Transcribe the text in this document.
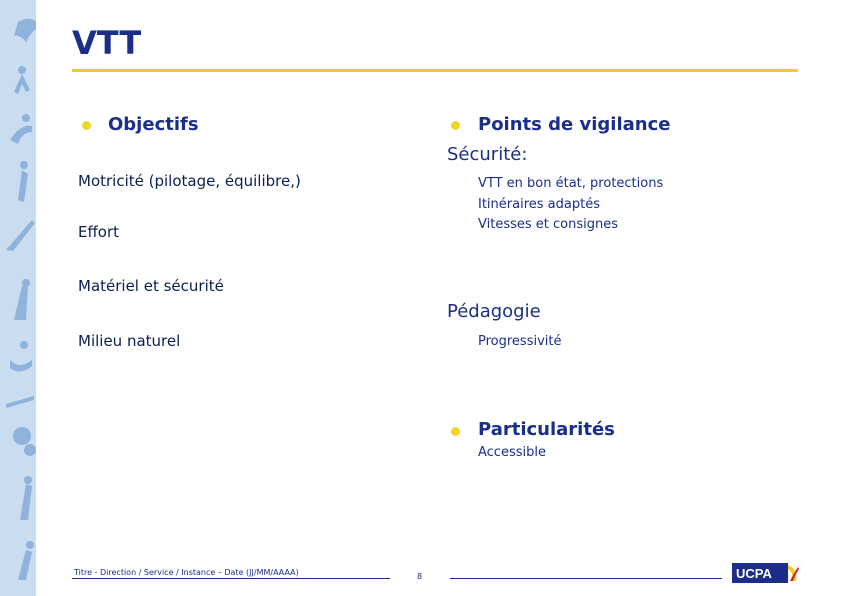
VTT
Objectifs
Motricité (pilotage, équilibre,)
Effort
Matériel et sécurité
Milieu naturel
Points de vigilance
Sécurité:
VTT en bon état, protections
Itinéraires adaptés
Vitesses et consignes
Pédagogie
Progressivité
Particularités
Accessible
Titre - Direction / Service / Instance – Date (JJ/MM/AAAA)	8	UCPA
